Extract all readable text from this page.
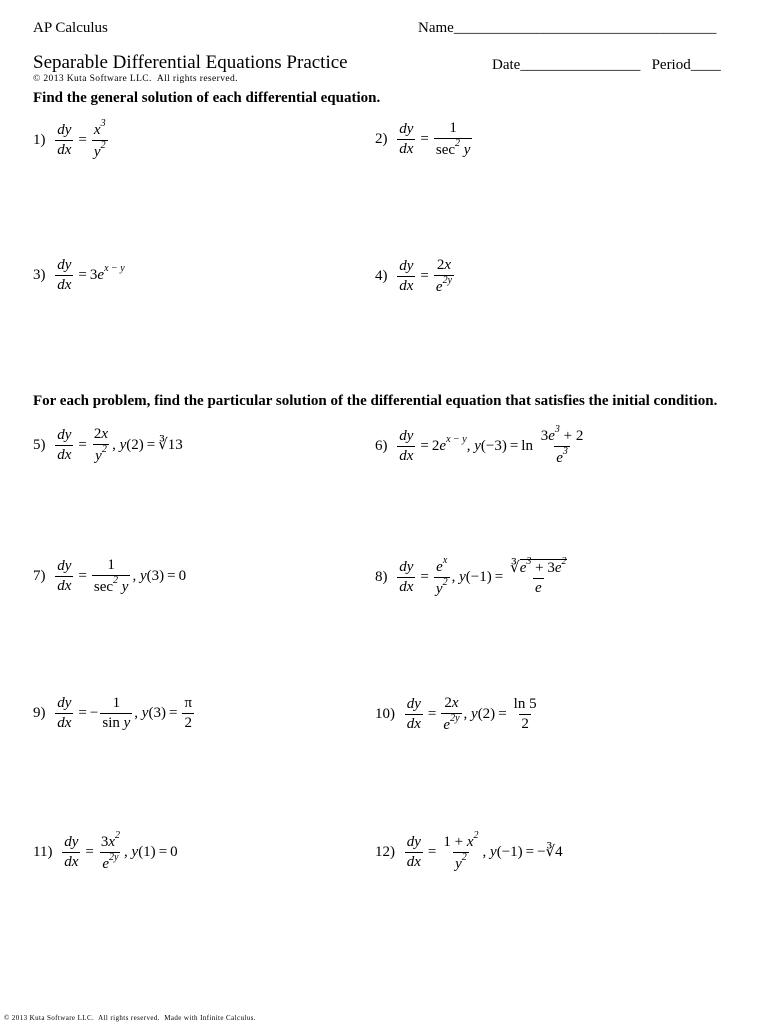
AP Calculus	Name___________________________________
Separable Differential Equations Practice	Date________________   Period____
© 2013 Kuta Software LLC.  All rights reserved.
Find the general solution of each differential equation.
$1) \frac{dy}{dx} = \frac{x^3}{y^2}$	$2) \frac{dy}{dx} = \frac{1}{\sec^2 y}$
$3) \frac{dy}{dx} = 3e^{x - y}$	$4) \frac{dy}{dx} = \frac{2x}{e^{2y}}$
For each problem, find the particular solution of the differential equation that satisfies the initial condition.
$5) \frac{dy}{dx} = \frac{2x}{y^2}$ , y(2) = ∛13	$6) \frac{dy}{dx} = 2e^{x - y}$, $y(-3) = \ln \frac{3e^3 + 2}{e^3}$
$7) \frac{dy}{dx} = \frac{1}{\sec^2 y}$ , y(3) = 0	$8) \frac{dy}{dx} = \frac{e^x}{y^2}$ , $y(-1) = \frac{∛e^3 + 3e^2}{e}$
$9) \frac{dy}{dx}$ = − $\frac{1}{\text{sin y}}$ , $y(3) = \frac{\pi}{2}$	$10) \frac{dy}{dx} = \frac{2x}{e^{2y}}$ , $y(2) = \frac{\ln 5}{2}$
$11) \frac{dy}{dx} = \frac{3x^2}{e^{2y}}$ , y(1) = 0	$12) \frac{dy}{dx} = \frac{1 + x^2}{y^2}$ , y(−1) = −∛4
© 2013 Kuta Software LLC.  All rights reserved.  Made with Infinite Calculus.
